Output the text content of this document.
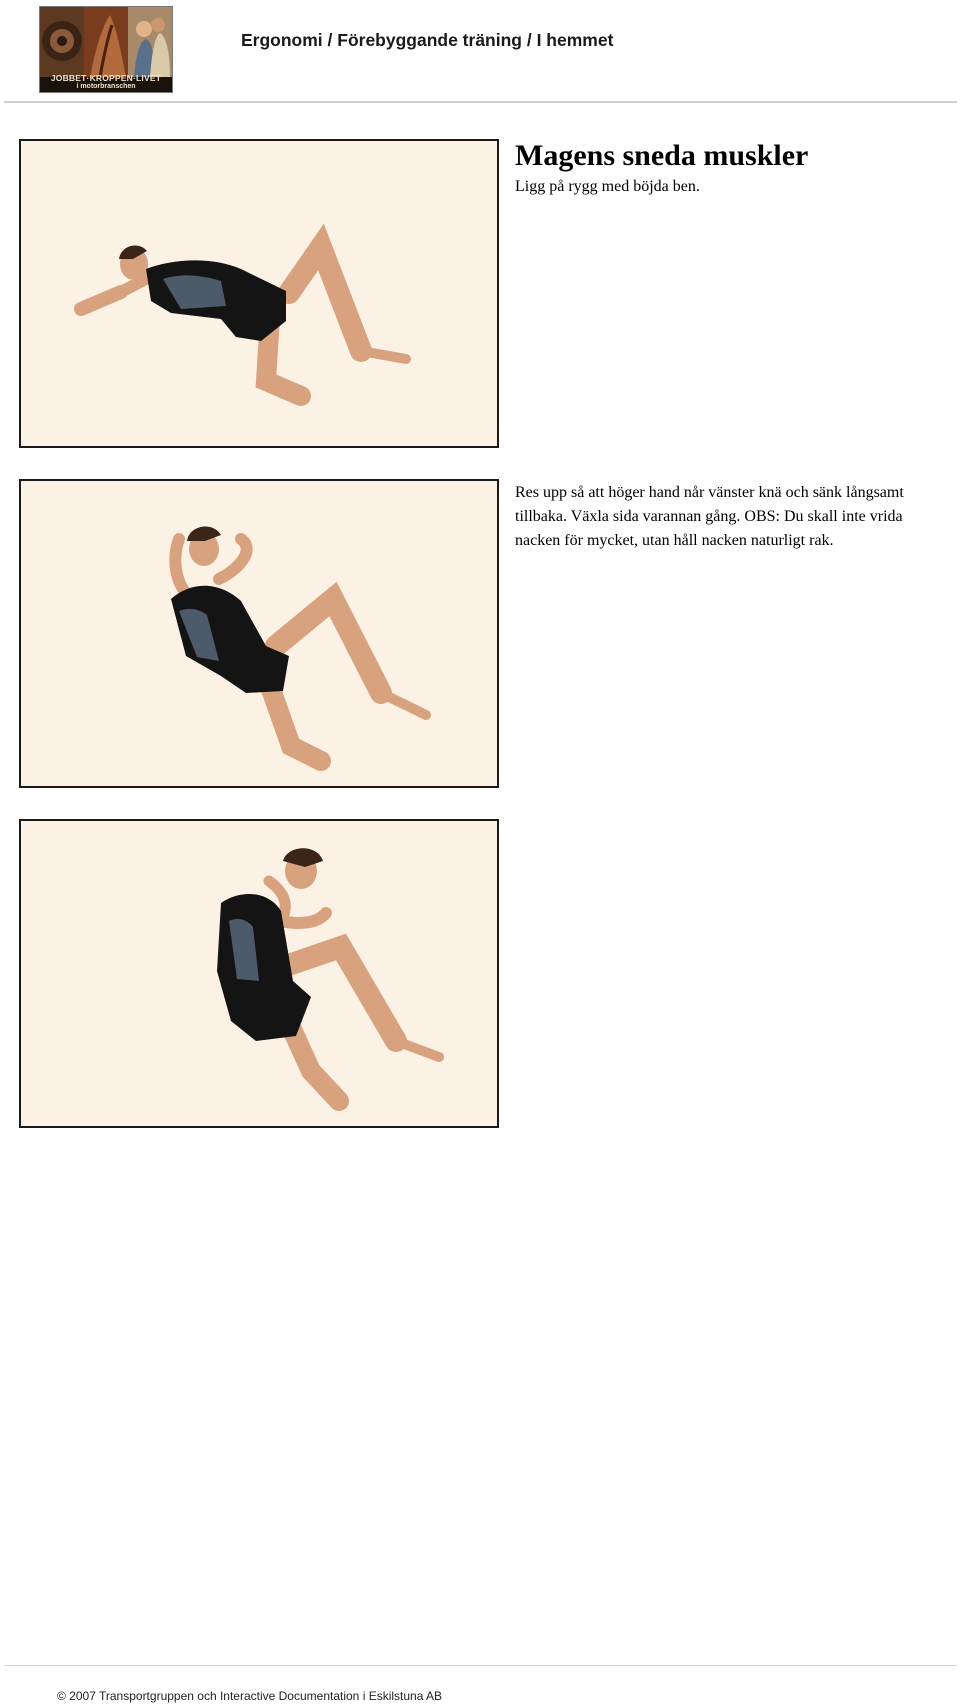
JOBBET·KROPPEN·LIVET
i motorbranschen
Ergonomi / Förebyggande träning / I hemmet
Magens sneda muskler
Ligg på rygg med böjda ben.
Res upp så att höger hand når vänster knä och sänk långsamt tillbaka. Växla sida varannan gång. OBS: Du skall inte vrida nacken för mycket, utan håll nacken naturligt rak.
© 2007 Transportgruppen och Interactive Documentation i Eskilstuna AB
